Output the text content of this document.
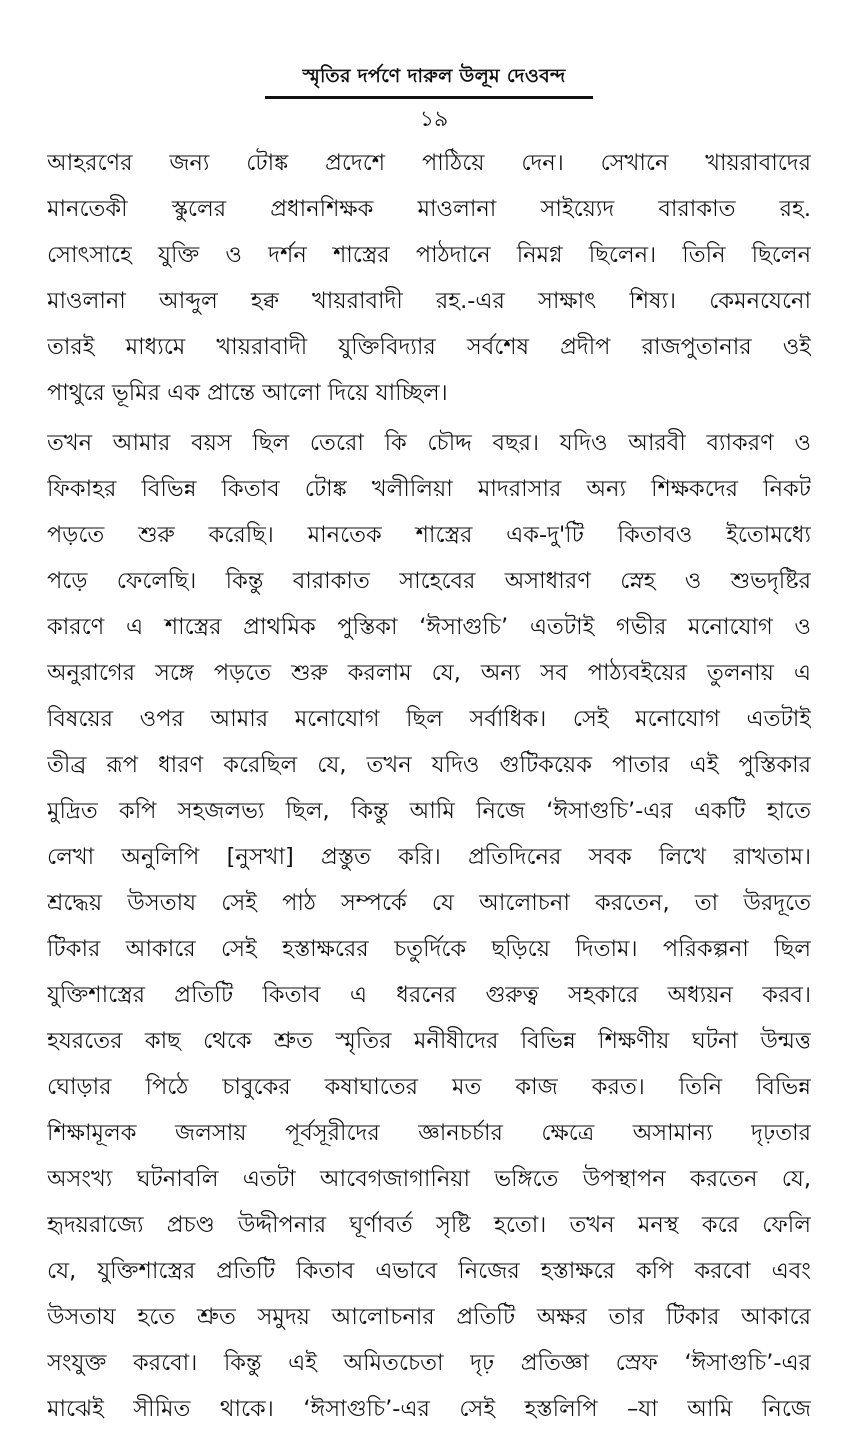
স্মৃতির দর্পণে দারুল উলূম দেওবন্দ
১৯
আহরণের জন্য টোঙ্ক প্রদেশে পাঠিয়ে দেন। সেখানে খায়রাবাদের
মানতেকী স্কুলের প্রধানশিক্ষক মাওলানা সাইয়্যেদ বারাকাত রহ.
সোৎসাহে যুক্তি ও দর্শন শাস্ত্রের পাঠদানে নিমগ্ন ছিলেন। তিনি ছিলেন
মাওলানা আব্দুল হক্ব খায়রাবাদী রহ.-এর সাক্ষাৎ শিষ্য। কেমনযেনো
তারই মাধ্যমে খায়রাবাদী যুক্তিবিদ্যার সর্বশেষ প্রদীপ রাজপুতানার ওই
পাথুরে ভূমির এক প্রান্তে আলো দিয়ে যাচ্ছিল।
তখন আমার বয়স ছিল তেরো কি চৌদ্দ বছর। যদিও আরবী ব্যাকরণ ও
ফিকাহর বিভিন্ন কিতাব টোঙ্ক খলীলিয়া মাদরাসার অন্য শিক্ষকদের নিকট
পড়তে শুরু করেছি। মানতেক শাস্ত্রের এক-দু'টি কিতাবও ইতোমধ্যে
পড়ে ফেলেছি। কিন্তু বারাকাত সাহেবের অসাধারণ স্নেহ ও শুভদৃষ্টির
কারণে এ শাস্ত্রের প্রাথমিক পুস্তিকা ‘ঈসাগুচি’ এতটাই গভীর মনোযোগ ও
অনুরাগের সঙ্গে পড়তে শুরু করলাম যে, অন্য সব পাঠ্যবইয়ের তুলনায় এ
বিষয়ের ওপর আমার মনোযোগ ছিল সর্বাধিক। সেই মনোযোগ এতটাই
তীব্র রূপ ধারণ করেছিল যে, তখন যদিও গুটিকয়েক পাতার এই পুস্তিকার
মুদ্রিত কপি সহজলভ্য ছিল, কিন্তু আমি নিজে ‘ঈসাগুচি’-এর একটি হাতে
লেখা অনুলিপি [নুসখা] প্রস্তুত করি। প্রতিদিনের সবক লিখে রাখতাম।
শ্রদ্ধেয় উসতায সেই পাঠ সম্পর্কে যে আলোচনা করতেন, তা উরদূতে
টিকার আকারে সেই হস্তাক্ষরের চতুর্দিকে ছড়িয়ে দিতাম। পরিকল্পনা ছিল
যুক্তিশাস্ত্রের প্রতিটি কিতাব এ ধরনের গুরুত্ব সহকারে অধ্যয়ন করব।
হযরতের কাছ থেকে শ্রুত স্মৃতির মনীষীদের বিভিন্ন শিক্ষণীয় ঘটনা উন্মত্ত
ঘোড়ার পিঠে চাবুকের কষাঘাতের মত কাজ করত। তিনি বিভিন্ন
শিক্ষামূলক জলসায় পূর্বসূরীদের জ্ঞানচর্চার ক্ষেত্রে অসামান্য দৃঢ়তার
অসংখ্য ঘটনাবলি এতটা আবেগজাগানিয়া ভঙ্গিতে উপস্থাপন করতেন যে,
হৃদয়রাজ্যে প্রচণ্ড উদ্দীপনার ঘূর্ণাবর্ত সৃষ্টি হতো। তখন মনস্থ করে ফেলি
যে, যুক্তিশাস্ত্রের প্রতিটি কিতাব এভাবে নিজের হস্তাক্ষরে কপি করবো এবং
উসতায হতে শ্রুত সমুদয় আলোচনার প্রতিটি অক্ষর তার টিকার আকারে
সংযুক্ত করবো। কিন্তু এই অমিতচেতা দৃঢ় প্রতিজ্ঞা স্রেফ ‘ঈসাগুচি’-এর
মাঝেই সীমিত থাকে। ‘ঈসাগুচি’-এর সেই হস্তলিপি –যা আমি নিজে
